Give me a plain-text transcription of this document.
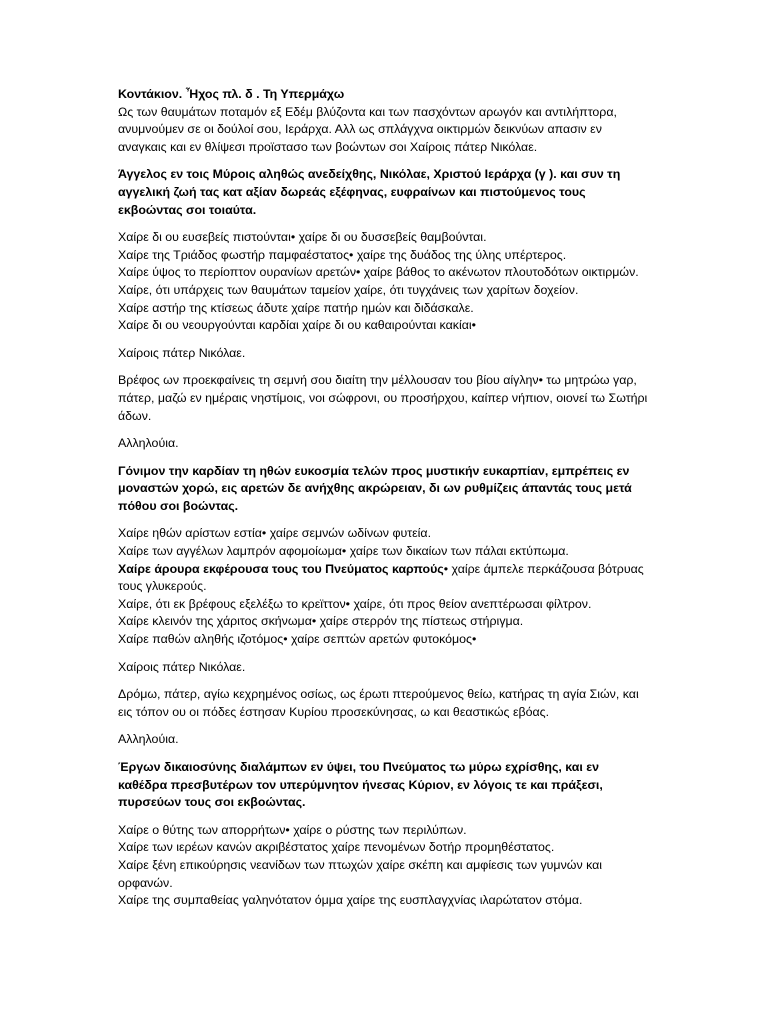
Κοντάκιον. Ἦχος πλ. δ . Τη Υπερμάχω
Ως των θαυμάτων ποταμόν εξ Εδέμ βλύζοντα και των πασχόντων αρωγόν και αντιλήπτορα, ανυμνούμεν σε οι δούλοί σου, Ιεράρχα. Αλλ ως σπλάγχνα οικτιρμών δεικνύων απασιν εν αναγκαις και εν θλίψεσι προϊστασο των βοώντων σοι Χαίροις πάτερ Νικόλαε.
Άγγελος εν τοις Μύροις αληθώς ανεδείχθης, Νικόλαε, Χριστού Ιεράρχα (γ ). και συν τη αγγελική ζωή τας κατ αξίαν δωρεάς εξέφηνας, ευφραίνων και πιστούμενος τους εκβοώντας σοι τοιαύτα.
Χαίρε δι ου ευσεβείς πιστούνται• χαίρε δι ου δυσσεβείς θαμβούνται.
Χαίρε της Τριάδος φωστήρ παμφαέστατος• χαίρε της δυάδος της ύλης υπέρτερος.
Χαίρε ύψος το περίοπτον ουρανίων αρετών• χαίρε βάθος το ακένωτον πλουτοδότων οικτιρμών.
Χαίρε, ότι υπάρχεις των θαυμάτων ταμείον χαίρε, ότι τυγχάνεις των χαρίτων δοχείον.
Χαίρε αστήρ της κτίσεως άδυτε χαίρε πατήρ ημών και διδάσκαλε.
Χαίρε δι ου νεουργούνται καρδίαι χαίρε δι ου καθαιρούνται κακίαι•
Χαίροις πάτερ Νικόλαε.
Βρέφος ων προεκφαίνεις τη σεμνή σου διαίτη την μέλλουσαν του βίου αίγλην• τω μητρώω γαρ, πάτερ, μαζώ εν ημέραις νηστίμοις, νοι σώφρονι, ου προσήρχου, καίπερ νήπιον, οιονεί τω Σωτήρι άδων.
Αλληλούια.
Γόνιμον την καρδίαν τη ηθών ευκοσμία τελών προς μυστικήν ευκαρπίαν, εμπρέπεις εν μοναστών χορώ, εις αρετών δε ανήχθης ακρώρειαν, δι ων ρυθμίζεις άπαντάς τους μετά πόθου σοι βοώντας.
Χαίρε ηθών αρίστων εστία• χαίρε σεμνών ωδίνων φυτεία.
Χαίρε των αγγέλων λαμπρόν αφομοίωμα• χαίρε των δικαίων των πάλαι εκτύπωμα.
Χαίρε άρουρα εκφέρουσα τους του Πνεύματος καρπούς• χαίρε άμπελε περκάζουσα βότρυας τους γλυκερούς.
Χαίρε, ότι εκ βρέφους εξελέξω το κρεϊττον• χαίρε, ότι προς θείον ανεπτέρωσαι φίλτρον.
Χαίρε κλεινόν της χάριτος σκήνωμα• χαίρε στερρόν της πίστεως στήριγμα.
Χαίρε παθών αληθής ιζοτόμος• χαίρε σεπτών αρετών φυτοκόμος•
Χαίροις πάτερ Νικόλαε.
Δρόμω, πάτερ, αγίω κεχρημένος οσίως, ως έρωτι πτερούμενος θείω, κατήρας τη αγία Σιών, και εις τόπον ου οι πόδες έστησαν Κυρίου προσεκύνησας, ω και θεαστικώς εβόας.
Αλληλούια.
Έργων δικαιοσύνης διαλάμπων εν ύψει, του Πνεύματος τω μύρω εχρίσθης, και εν καθέδρα πρεσβυτέρων τον υπερύμνητον ήνεσας Κύριον, εν λόγοις τε και πράξεσι, πυρσεύων τους σοι εκβοώντας.
Χαίρε ο θύτης των απορρήτων• χαίρε ο ρύστης των περιλύπων.
Χαίρε των ιερέων κανών ακριβέστατος χαίρε πενομένων δοτήρ προμηθέστατος.
Χαίρε ξένη επικούρησις νεανίδων των πτωχών χαίρε σκέπη και αμφίεσις των γυμνών και ορφανών.
Χαίρε της συμπαθείας γαληνότατον όμμα χαίρε της ευσπλαγχνίας ιλαρώτατον στόμα.
